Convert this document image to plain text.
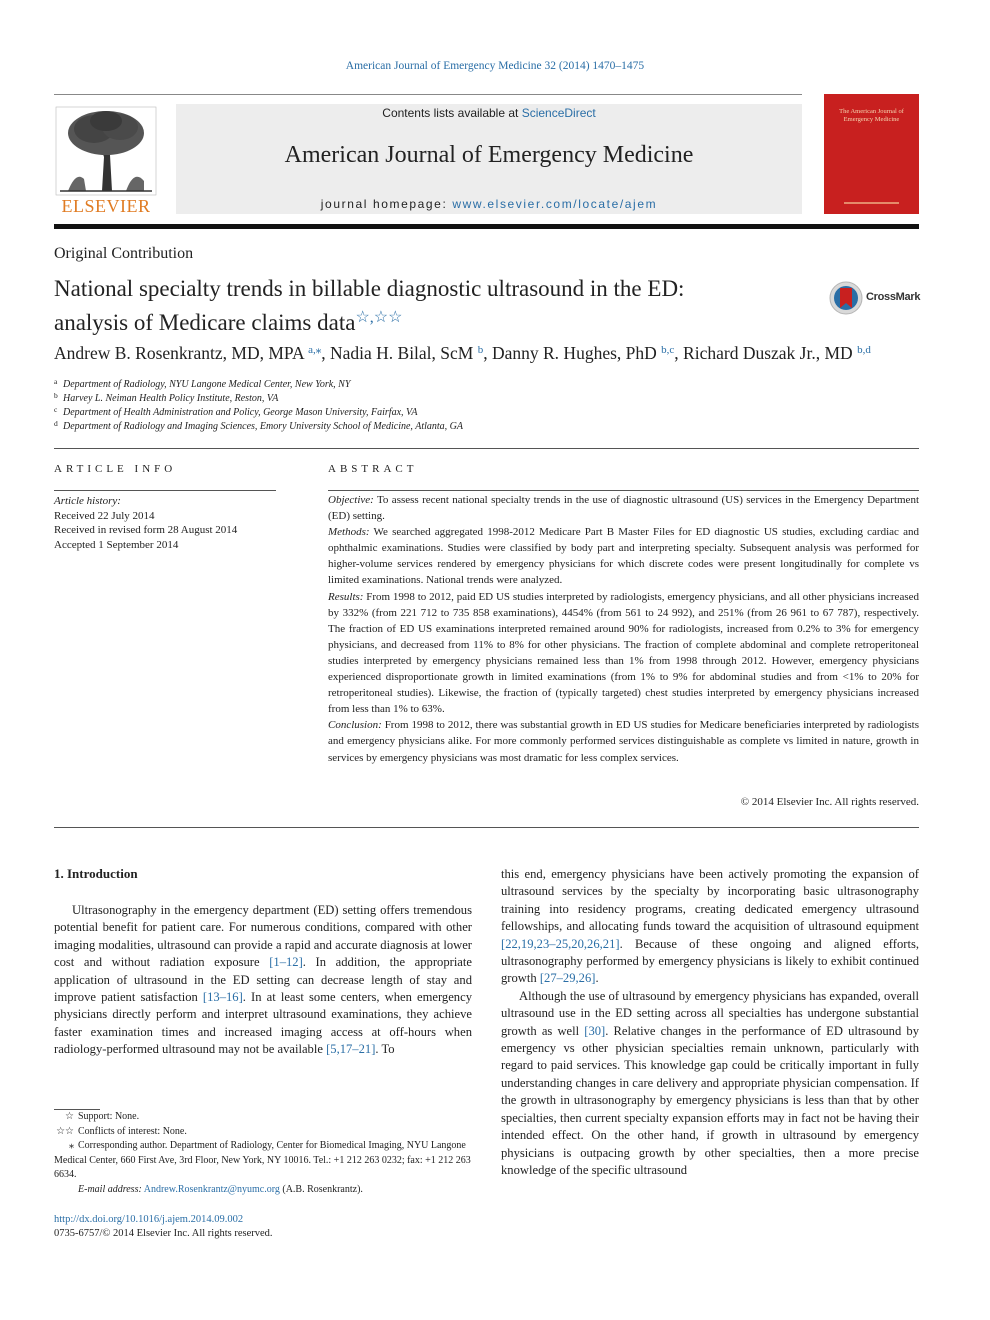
American Journal of Emergency Medicine 32 (2014) 1470–1475
ELSEVIER
Contents lists available at ScienceDirect
American Journal of Emergency Medicine
journal homepage: www.elsevier.com/locate/ajem
The American Journal of Emergency Medicine
Original Contribution
National specialty trends in billable diagnostic ultrasound in the ED:
analysis of Medicare claims data☆,☆☆
CrossMark
Andrew B. Rosenkrantz, MD, MPA $^{a,⁎}$, Nadia H. Bilal, ScM $^b$, Danny R. Hughes, PhD $^{b,c}$, Richard Duszak Jr., MD $^{b,d}$
a Department of Radiology, NYU Langone Medical Center, New York, NY
b Harvey L. Neiman Health Policy Institute, Reston, VA
c Department of Health Administration and Policy, George Mason University, Fairfax, VA
d Department of Radiology and Imaging Sciences, Emory University School of Medicine, Atlanta, GA
ARTICLE INFO	ABSTRACT
Article history:
Received 22 July 2014
Received in revised form 28 August 2014
Accepted 1 September 2014

Objective: To assess recent national specialty trends in the use of diagnostic ultrasound (US) services in the Emergency Department (ED) setting.

Methods: We searched aggregated 1998-2012 Medicare Part B Master Files for ED diagnostic US studies, excluding cardiac and ophthalmic examinations. Studies were classified by body part and interpreting specialty. Subsequent analysis was performed for higher-volume services rendered by emergency physicians for which discrete codes were present longitudinally for complete vs limited examinations. National trends were analyzed.

Results: From 1998 to 2012, paid ED US studies interpreted by radiologists, emergency physicians, and all other physicians increased by 332% (from 221 712 to 735 858 examinations), 4454% (from 561 to 24 992), and 251% (from 26 961 to 67 787), respectively. The fraction of ED US examinations interpreted remained around 90% for radiologists, increased from 0.2% to 3% for emergency physicians, and decreased from 11% to 8% for other physicians. The fraction of complete abdominal and complete retroperitoneal studies interpreted by emergency physicians remained less than 1% from 1998 through 2012. However, emergency physicians experienced disproportionate growth in limited examinations (from 1% to 9% for abdominal studies and from <1% to 20% for retroperitoneal studies). Likewise, the fraction of (typically targeted) chest studies interpreted by emergency physicians increased from less than 1% to 63%.

Conclusion: From 1998 to 2012, there was substantial growth in ED US studies for Medicare beneficiaries interpreted by radiologists and emergency physicians alike. For more commonly performed services distinguishable as complete vs limited in nature, growth in services by emergency physicians was most dramatic for less complex services.

© 2014 Elsevier Inc. All rights reserved.
1. Introduction

Ultrasonography in the emergency department (ED) setting offers tremendous potential benefit for patient care. For numerous conditions, compared with other imaging modalities, ultrasound can provide a rapid and accurate diagnosis at lower cost and without radiation exposure [1–12]. In addition, the appropriate application of ultrasound in the ED setting can decrease length of stay and improve patient satisfaction [13–16]. In at least some centers, when emergency physicians directly perform and interpret ultrasound examinations, they achieve faster examination times and increased imaging access at off-hours when radiology-performed ultrasound may not be available [5,17–21]. To

this end, emergency physicians have been actively promoting the expansion of ultrasound services by the specialty by incorporating basic ultrasonography training into residency programs, creating dedicated emergency ultrasound fellowships, and allocating funds toward the acquisition of ultrasound equipment [22,19,23–25,20,26,21]. Because of these ongoing and aligned efforts, ultrasonography performed by emergency physicians is likely to exhibit continued growth [27–29,26].

Although the use of ultrasound by emergency physicians has expanded, overall ultrasound use in the ED setting across all specialties has undergone substantial growth as well [30]. Relative changes in the performance of ED ultrasound by emergency vs other physician specialties remain unknown, particularly with regard to paid services. This knowledge gap could be critically important in fully understanding changes in care delivery and appropriate physician compensation. If the growth in ultrasonography by emergency physicians is less than that by other specialties, then current specialty expansion efforts may in fact not be having their intended effect. On the other hand, if growth in ultrasound by emergency physicians is outpacing growth by other specialties, then a more precise knowledge of the specific ultrasound

☆ Support: None.

☆☆ Conflicts of interest: None.

⁎ Corresponding author. Department of Radiology, Center for Biomedical Imaging, NYU Langone Medical Center, 660 First Ave, 3rd Floor, New York, NY 10016. Tel.: +1 212 263 0232; fax: +1 212 263 6634.

E-mail address: Andrew.Rosenkrantz@nyumc.org (A.B. Rosenkrantz).

http://dx.doi.org/10.1016/j.ajem.2014.09.002
0735-6757/© 2014 Elsevier Inc. All rights reserved.
